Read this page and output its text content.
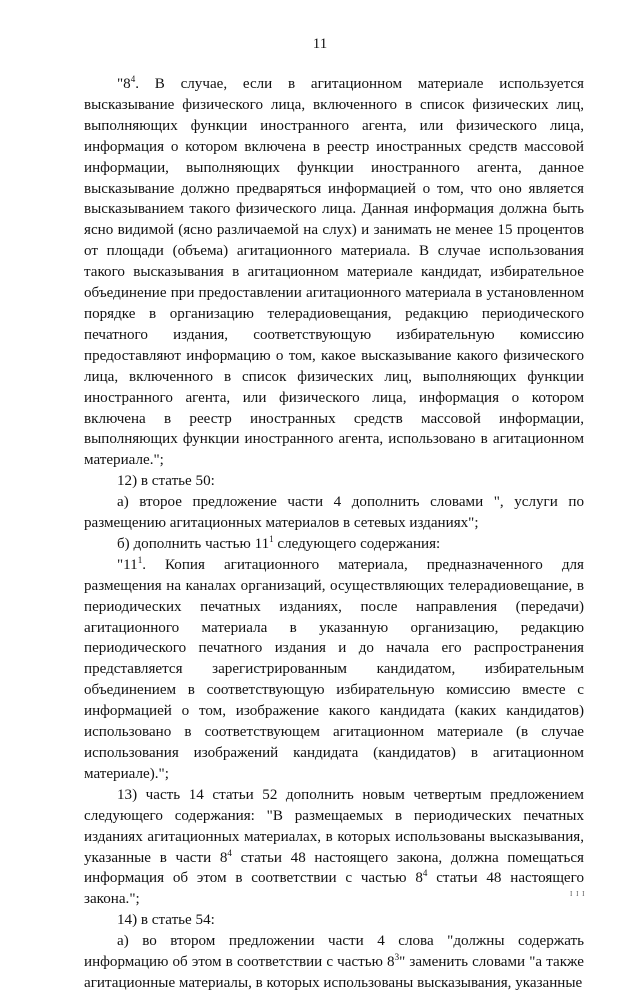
11

"$8^4$. В случае, если в агитационном материале используется высказывание физического лица, включенного в список физических лиц, выполняющих функции иностранного агента, или физического лица, информация о котором включена в реестр иностранных средств массовой информации, выполняющих функции иностранного агента, данное высказывание должно предваряться информацией о том, что оно является высказыванием такого физического лица. Данная информация должна быть ясно видимой (ясно различаемой на слух) и занимать не менее 15 процентов от площади (объема) агитационного материала. В случае использования такого высказывания в агитационном материале кандидат, избирательное объединение при предоставлении агитационного материала в установленном порядке в организацию телерадиовещания, редакцию периодического печатного издания, соответствующую избирательную комиссию предоставляют информацию о том, какое высказывание какого физического лица, включенного в список физических лиц, выполняющих функции иностранного агента, или физического лица, информация о котором включена в реестр иностранных средств массовой информации, выполняющих функции иностранного агента, использовано в агитационном материале.";

12) в статье 50:

а) второе предложение части 4 дополнить словами ", услуги по размещению агитационных материалов в сетевых изданиях";

б) дополнить частью $11^1$ следующего содержания:

"$11^1$. Копия агитационного материала, предназначенного для размещения на каналах организаций, осуществляющих телерадиовещание, в периодических печатных изданиях, после направления (передачи) агитационного материала в указанную организацию, редакцию периодического печатного издания и до начала его распространения представляется зарегистрированным кандидатом, избирательным объединением в соответствующую избирательную комиссию вместе с информацией о том, изображение какого кандидата (каких кандидатов) использовано в соответствующем агитационном материале (в случае использования изображений кандидата (кандидатов) в агитационном материале).";

13) часть 14 статьи 52 дополнить новым четвертым предложением следующего содержания: "В размещаемых в периодических печатных изданиях агитационных материалах, в которых использованы высказывания, указанные в части $8^4$ статьи 48 настоящего закона, должна помещаться информация об этом в соответствии с частью $8^4$ статьи 48 настоящего закона.";

14) в статье 54:

а) во втором предложении части 4 слова "должны содержать информацию об этом в соответствии с частью $8^3$" заменить словами "а также агитационные материалы, в которых использованы высказывания, указанные

I I I
